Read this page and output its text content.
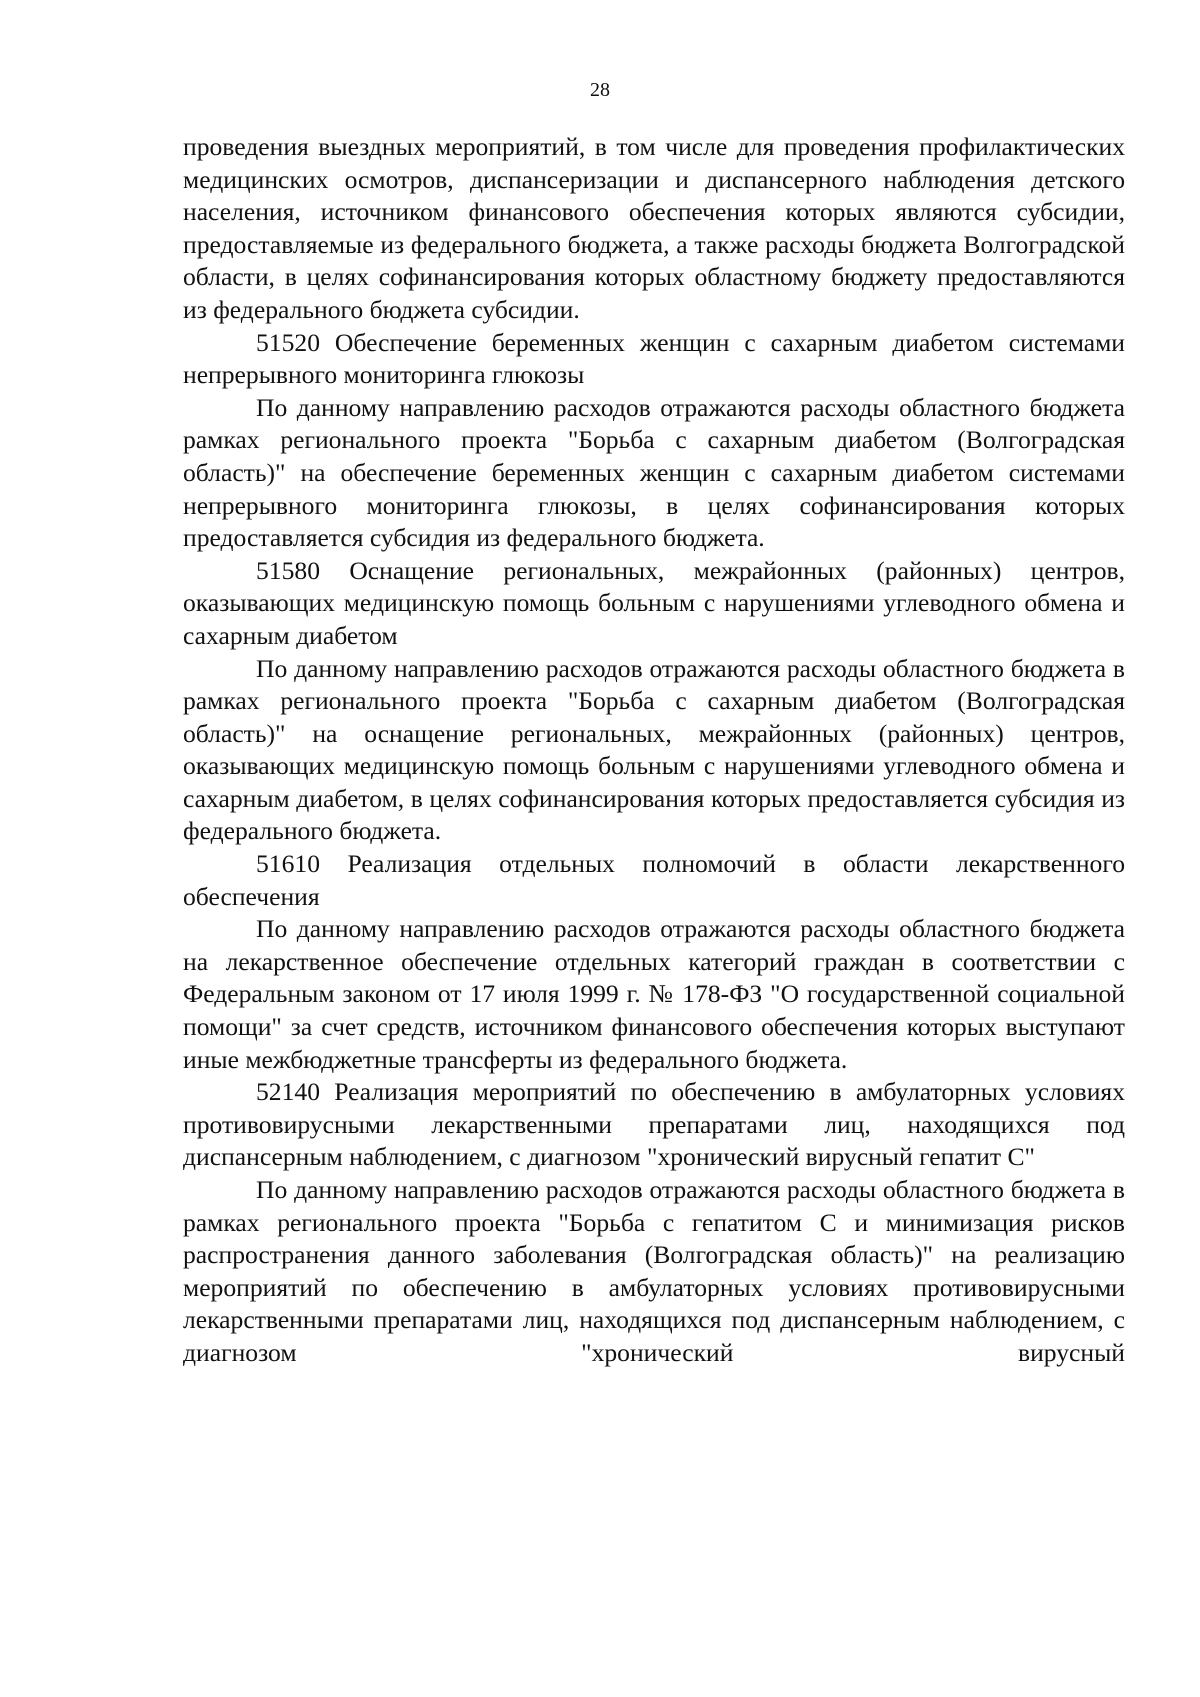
28

проведения выездных мероприятий, в том числе для проведения профилактических медицинских осмотров, диспансеризации и диспансерного наблюдения детского населения, источником финансового обеспечения которых являются субсидии, предоставляемые из федерального бюджета, а также расходы бюджета Волгоградской области, в целях софинансирования которых областному бюджету предоставляются из федерального бюджета субсидии.

51520 Обеспечение беременных женщин с сахарным диабетом системами непрерывного мониторинга глюкозы

По данному направлению расходов отражаются расходы областного бюджета рамках регионального проекта "Борьба с сахарным диабетом (Волгоградская область)" на обеспечение беременных женщин с сахарным диабетом системами непрерывного мониторинга глюкозы, в целях софинансирования которых предоставляется субсидия из федерального бюджета.

51580 Оснащение региональных, межрайонных (районных) центров, оказывающих медицинскую помощь больным с нарушениями углеводного обмена и сахарным диабетом

По данному направлению расходов отражаются расходы областного бюджета в рамках регионального проекта "Борьба с сахарным диабетом (Волгоградская область)" на оснащение региональных, межрайонных (районных) центров, оказывающих медицинскую помощь больным с нарушениями углеводного обмена и сахарным диабетом, в целях софинансирования которых предоставляется субсидия из федерального бюджета.

51610 Реализация отдельных полномочий в области лекарственного обеспечения

По данному направлению расходов отражаются расходы областного бюджета на лекарственное обеспечение отдельных категорий граждан в соответствии с Федеральным законом от 17 июля 1999 г. № 178-ФЗ "О государственной социальной помощи" за счет средств, источником финансового обеспечения которых выступают иные межбюджетные трансферты из федерального бюджета.

52140 Реализация мероприятий по обеспечению в амбулаторных условиях противовирусными лекарственными препаратами лиц, находящихся под диспансерным наблюдением, с диагнозом "хронический вирусный гепатит С"

По данному направлению расходов отражаются расходы областного бюджета в рамках регионального проекта "Борьба с гепатитом С и минимизация рисков распространения данного заболевания (Волгоградская область)" на реализацию мероприятий по обеспечению в амбулаторных условиях противовирусными лекарственными препаратами лиц, находящихся под диспансерным наблюдением, с диагнозом "хронический вирусный
